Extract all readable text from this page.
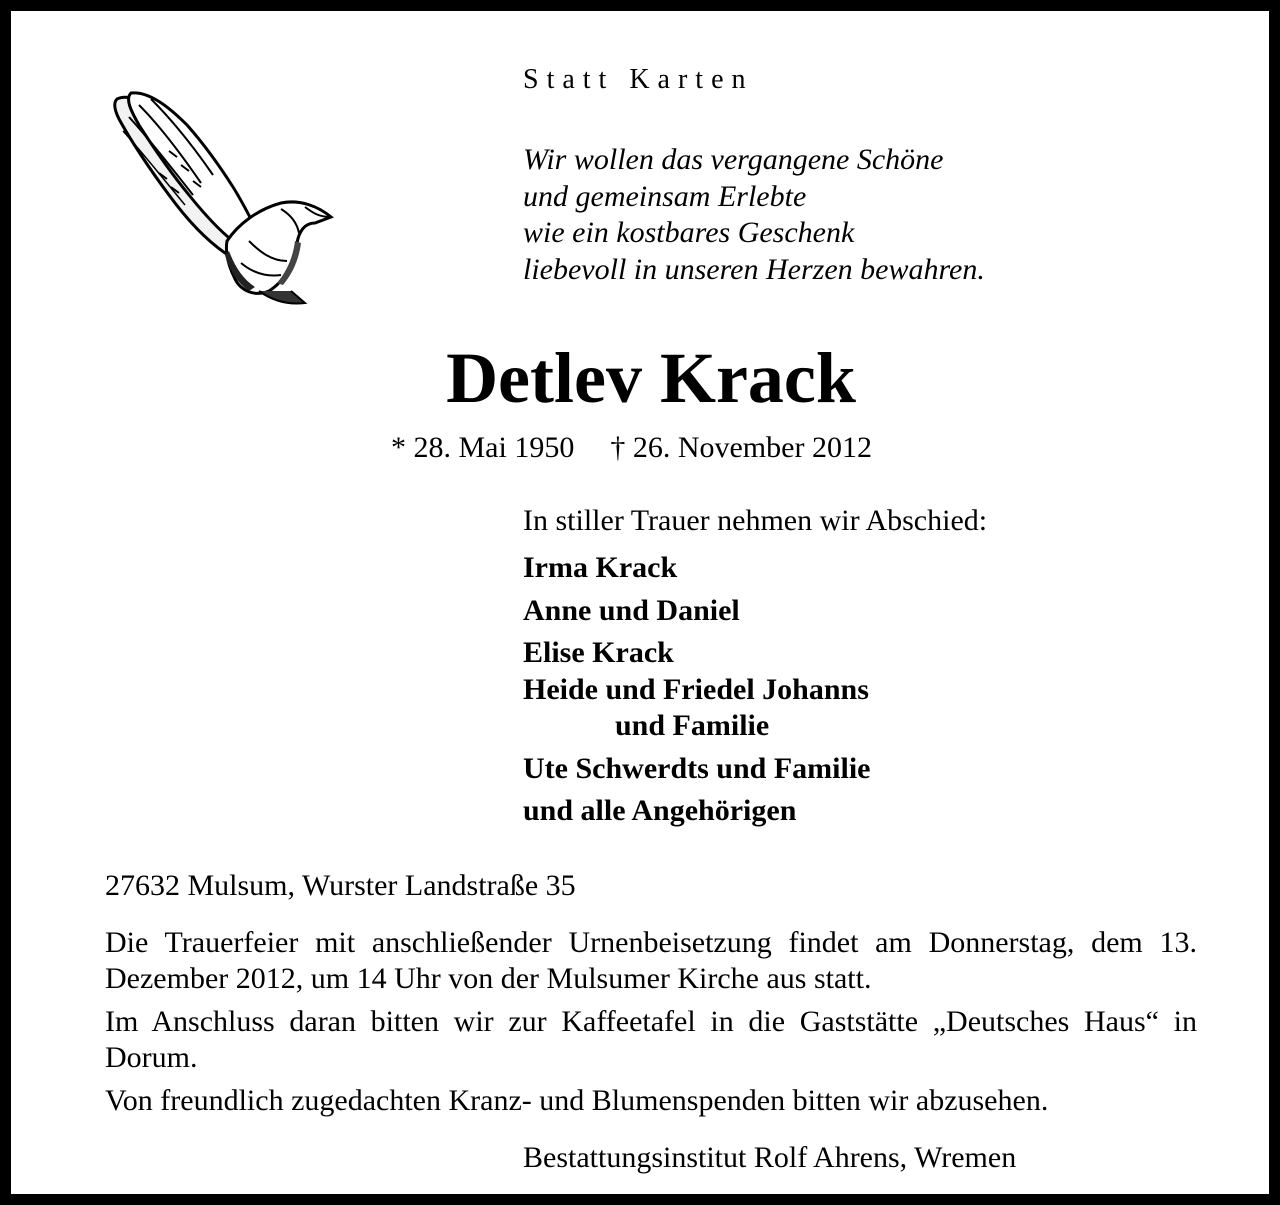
Statt Karten
Wir wollen das vergangene Schöne
und gemeinsam Erlebte
wie ein kostbares Geschenk
liebevoll in unseren Herzen bewahren.
Detlev Krack
* 28. Mai 1950 † 26. November 2012
In stiller Trauer nehmen wir Abschied:
Irma Krack
Anne und Daniel
Elise Krack
Heide und Friedel Johanns
und Familie
Ute Schwerdts und Familie
und alle Angehörigen
27632 Mulsum, Wurster Landstraße 35
Die Trauerfeier mit anschließender Urnenbeisetzung findet am Donnerstag, dem 13. Dezember 2012, um 14 Uhr von der Mulsumer Kirche aus statt.
Im Anschluss daran bitten wir zur Kaffeetafel in die Gaststätte „Deutsches Haus“ in Dorum.
Von freundlich zugedachten Kranz- und Blumenspenden bitten wir abzusehen.
Bestattungsinstitut Rolf Ahrens, Wremen
